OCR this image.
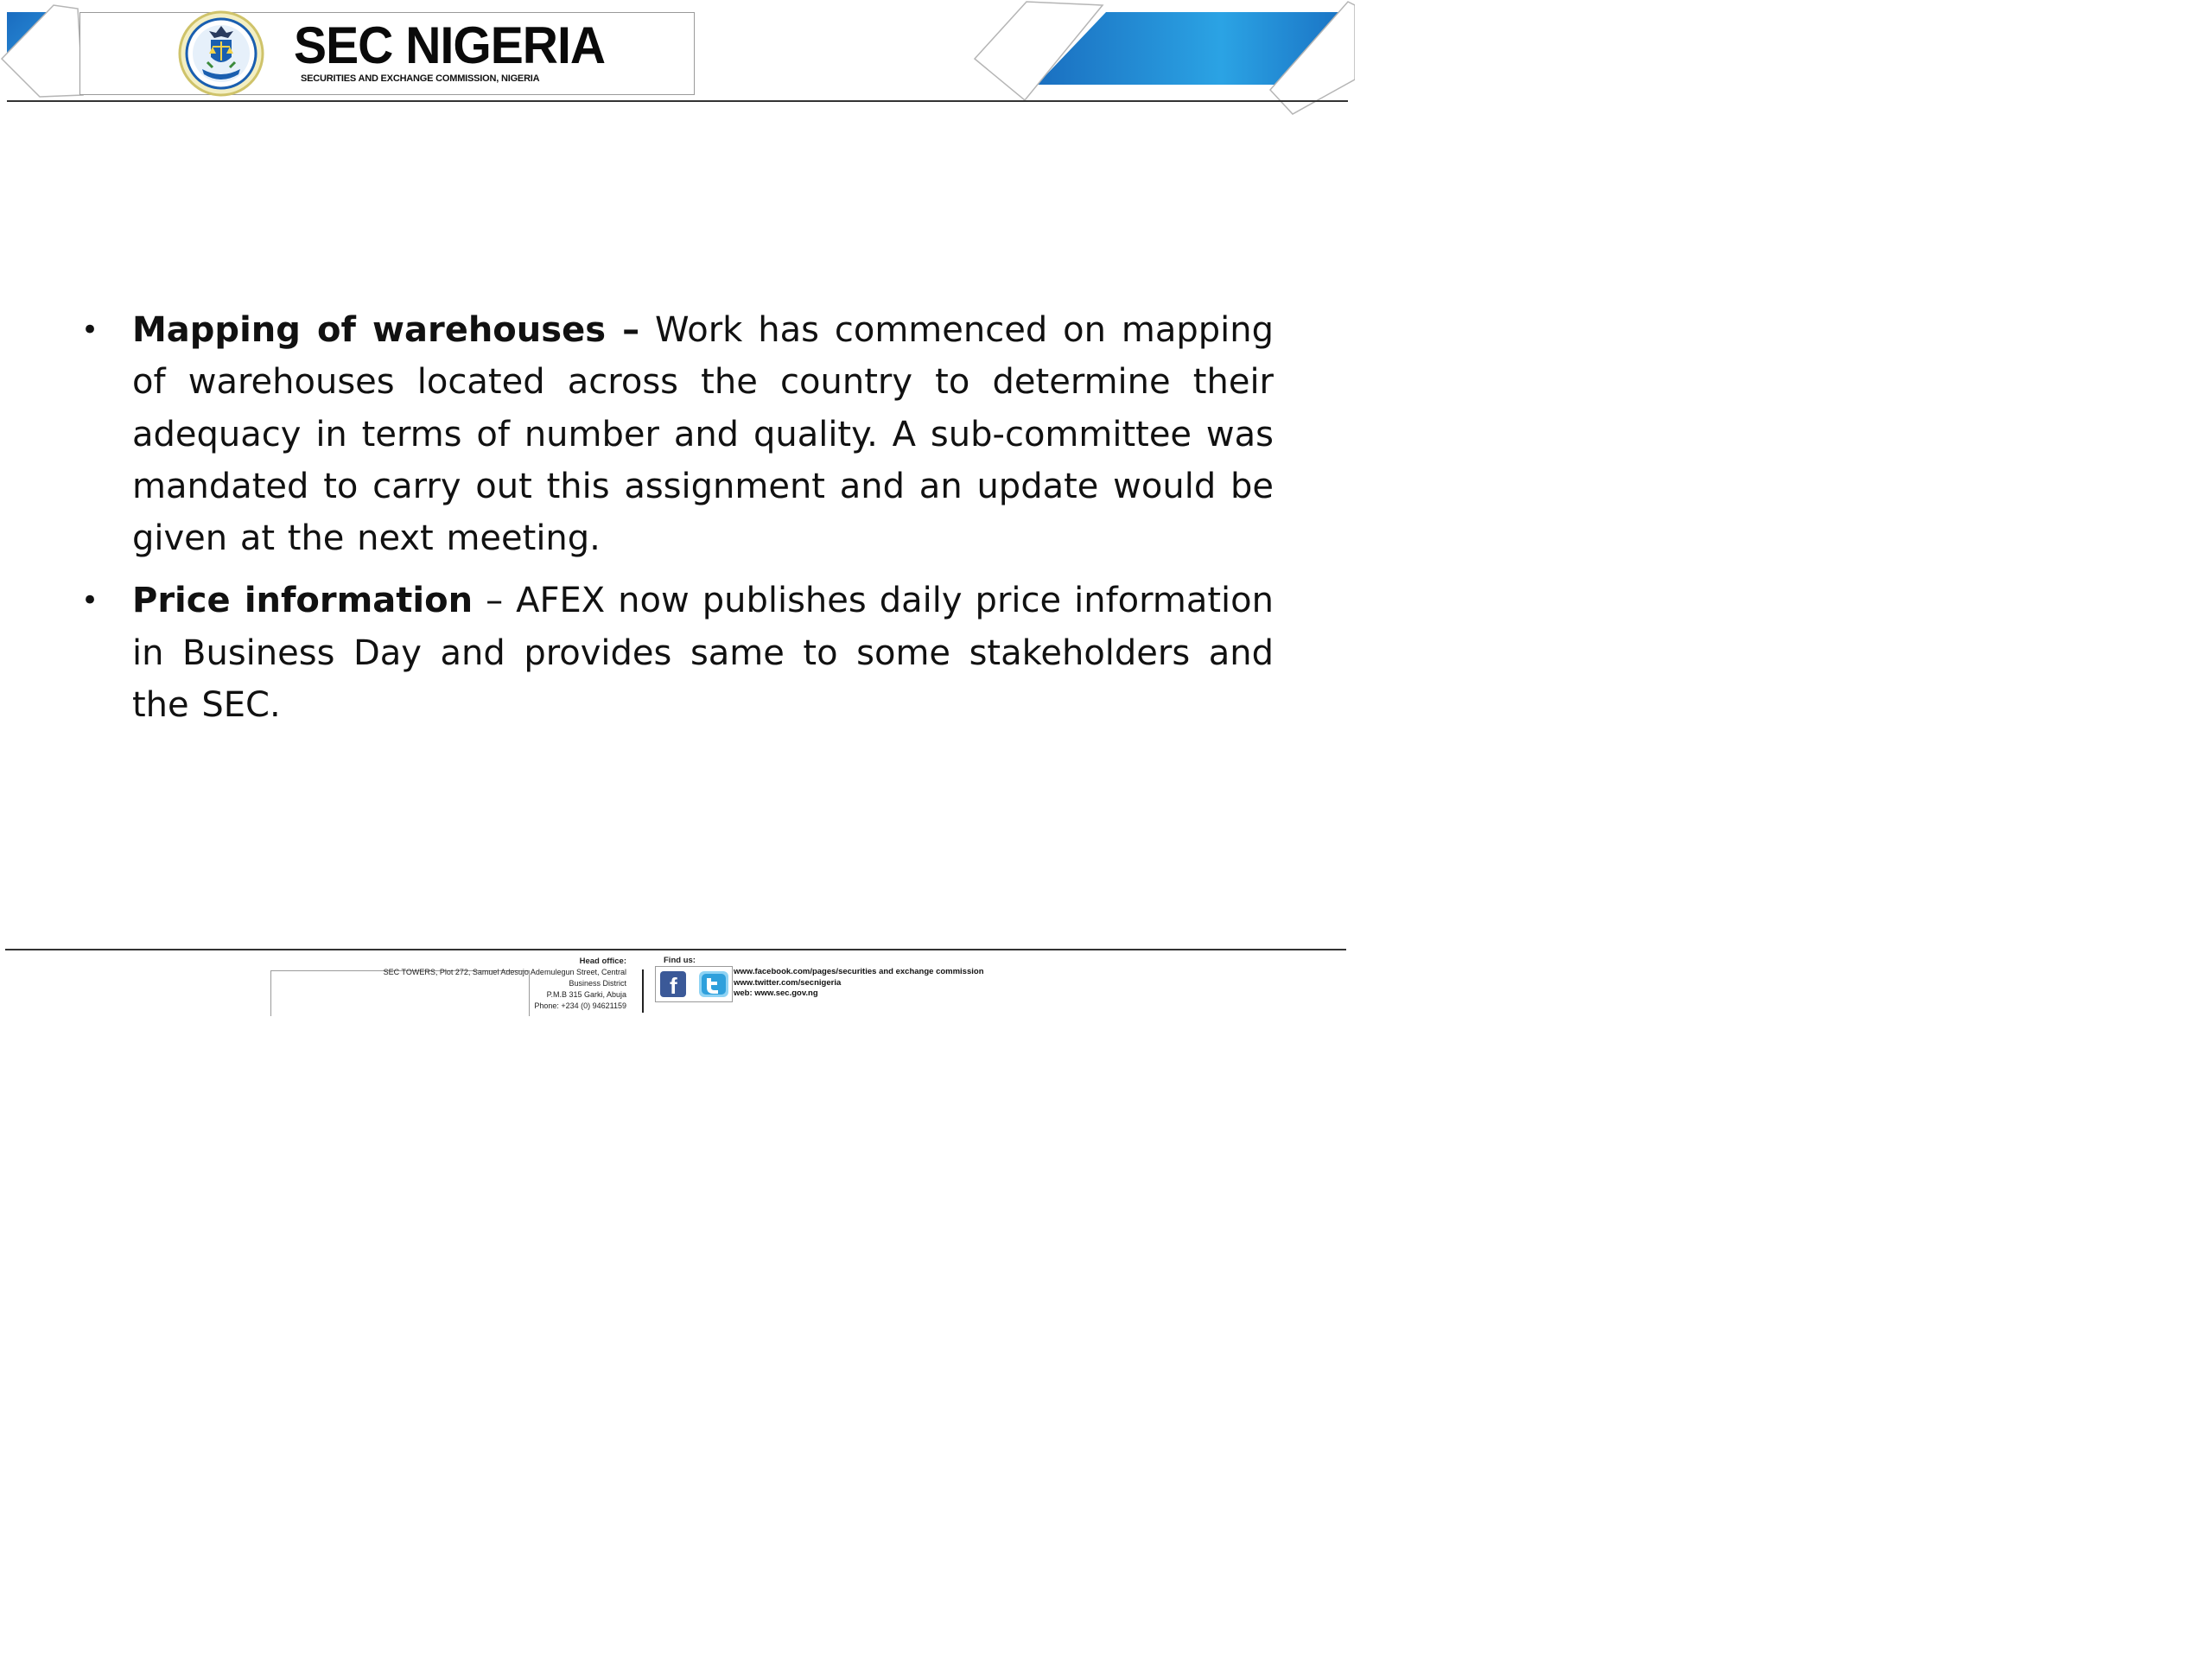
SEC NIGERIA
SECURITIES AND EXCHANGE COMMISSION, NIGERIA
• Mapping of warehouses – Work has commenced on mapping of warehouses located across the country to determine their adequacy in terms of number and quality. A sub-committee was mandated to carry out this assignment and an update would be given at the next meeting.
• Price information – AFEX now publishes daily price information in Business Day and provides same to some stakeholders and the SEC.
Head office:
SEC TOWERS, Plot 272, Samuel Adesujo Ademulegun Street, Central
Business District
P.M.B 315 Garki, Abuja
Phone: +234 (0) 94621159
Find us:
f
www.facebook.com/pages/securities and exchange commission
www.twitter.com/secnigeria
web: www.sec.gov.ng
